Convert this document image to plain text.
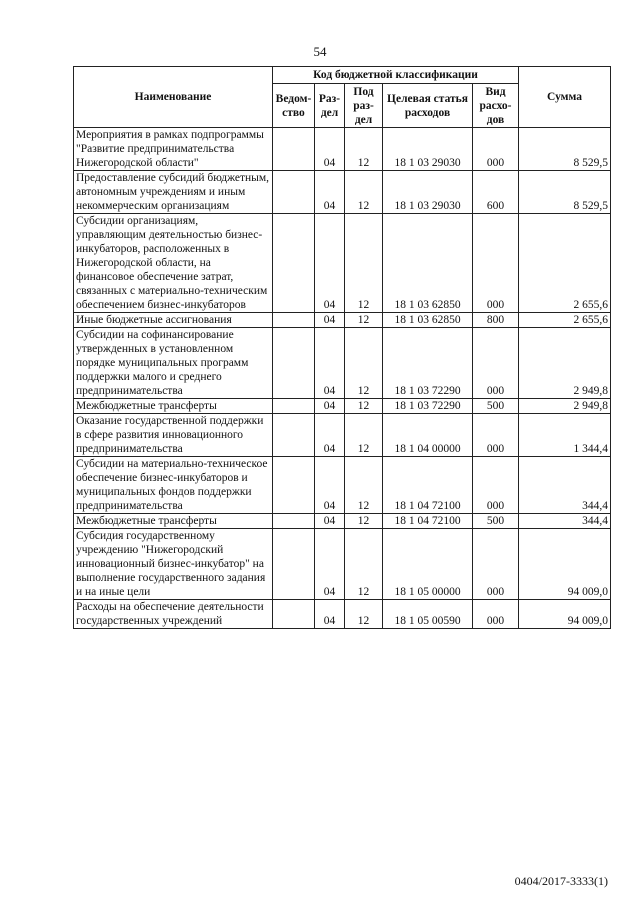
54
Наименование	Код бюджетной классификации					Сумма
	Ведом-ство	Раз-дел	Под раз-дел	Целевая статья расходов	Вид расхо-дов	
Мероприятия в рамках подпрограммы "Развитие предпринимательства Нижегородской области"		04	12	18 1 03 29030	000	8 529,5
Предоставление субсидий бюджетным, автономным учреждениям и иным некоммерческим организациям		04	12	18 1 03 29030	600	8 529,5
Субсидии организациям, управляющим деятельностью бизнес-инкубаторов, расположенных в Нижегородской области, на финансовое обеспечение затрат, связанных с материально-техническим обеспечением бизнес-инкубаторов		04	12	18 1 03 62850	000	2 655,6
Иные бюджетные ассигнования		04	12	18 1 03 62850	800	2 655,6
Субсидии на софинансирование утвержденных в установленном порядке муниципальных программ поддержки малого и среднего предпринимательства		04	12	18 1 03 72290	000	2 949,8
Межбюджетные трансферты		04	12	18 1 03 72290	500	2 949,8
Оказание государственной поддержки в сфере развития инновационного предпринимательства		04	12	18 1 04 00000	000	1 344,4
Субсидии на материально-техническое обеспечение бизнес-инкубаторов и муниципальных фондов поддержки предпринимательства		04	12	18 1 04 72100	000	344,4
Межбюджетные трансферты		04	12	18 1 04 72100	500	344,4
Субсидия государственному учреждению "Нижегородский инновационный бизнес-инкубатор" на выполнение государственного задания и на иные цели		04	12	18 1 05 00000	000	94 009,0
Расходы на обеспечение деятельности государственных учреждений		04	12	18 1 05 00590	000	94 009,0
0404/2017-3333(1)
